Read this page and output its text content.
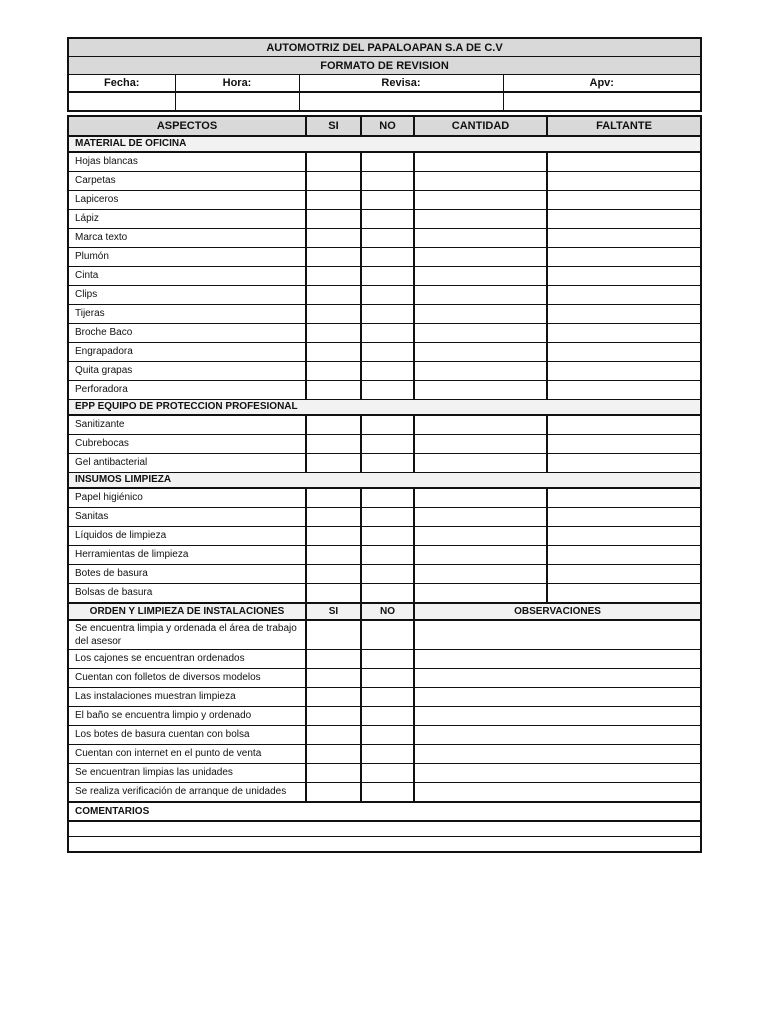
AUTOMOTRIZ DEL PAPALOAPAN S.A DE C.V			
FORMATO DE REVISION			
Fecha:	Hora:	Revisa:	Apv:

ASPECTOS	SI	NO	CANTIDAD	FALTANTE
MATERIAL DE OFICINA				
Hojas blancas				
Carpetas				
Lapiceros				
Lápiz				
Marca texto				
Plumón				
Cinta				
Clips				
Tijeras				
Broche Baco				
Engrapadora				
Quita grapas				
Perforadora				
EPP EQUIPO DE PROTECCION PROFESIONAL				
Sanitizante				
Cubrebocas				
Gel antibacterial				
INSUMOS LIMPIEZA				
Papel higiénico				
Sanitas				
Líquidos de limpieza				
Herramientas de limpieza				
Botes de basura				
Bolsas de basura				
ORDEN Y LIMPIEZA DE INSTALACIONES	SI	NO	OBSERVACIONES	
Se encuentra limpia y ordenada el área de trabajo del asesor				
Los cajones se encuentran ordenados				
Cuentan con folletos de diversos modelos				
Las instalaciones muestran limpieza				
El baño se encuentra limpio y ordenado				
Los botes de basura cuentan con bolsa				
Cuentan con internet en el punto de venta				
Se encuentran limpias las unidades				
Se realiza verificación de arranque de unidades				
COMENTARIOS				
